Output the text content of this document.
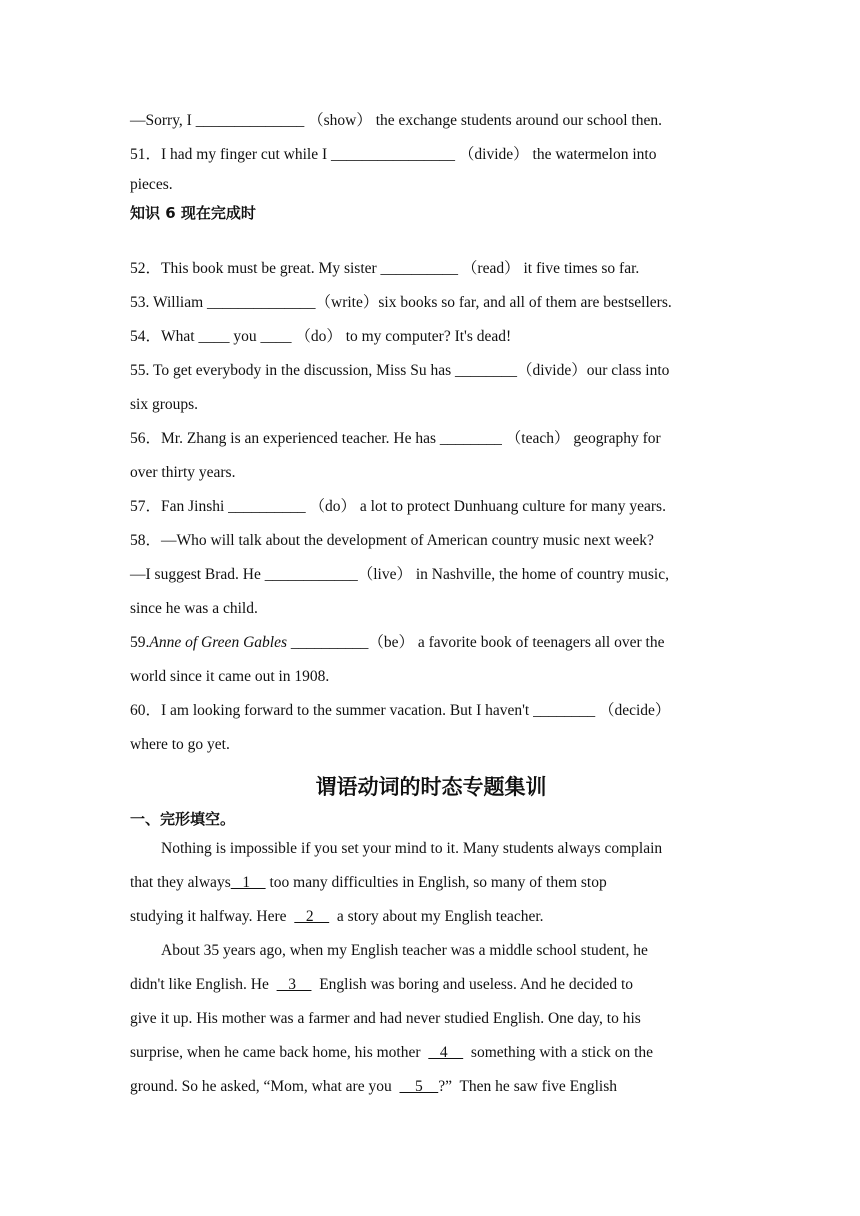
—Sorry, I ______________ （show） the exchange students around our school then.
51．I had my finger cut while I ________________ （divide） the watermelon into
pieces.
知识 6 现在完成时
52．This book must be great. My sister __________ （read） it five times so far.
53. William ______________（write）six books so far, and all of them are bestsellers.
54．What ____ you ____ （do） to my computer? It's dead!
55. To get everybody in the discussion, Miss Su has ________（divide）our class into
six groups.
56．Mr. Zhang is an experienced teacher. He has ________ （teach） geography for
over thirty years.
57．Fan Jinshi __________ （do） a lot to protect Dunhuang culture for many years.
58．—Who will talk about the development of American country music next week?
—I suggest Brad. He ____________（live） in Nashville, the home of country music,
since he was a child.
59.Anne of Green Gables __________（be） a favorite book of teenagers all over the
world since it came out in 1908.
60．I am looking forward to the summer vacation. But I haven't ________ （decide）
where to go yet.
谓语动词的时态专题集训
一、完形填空。
Nothing is impossible if you set your mind to it. Many students always complain
that they always   1     too many difficulties in English, so many of them stop
studying it halfway. Here     2      a story about my English teacher.
About 35 years ago, when my English teacher was a middle school student, he
didn't like English. He     3      English was boring and useless. And he decided to
give it up. His mother was a farmer and had never studied English. One day, to his
surprise, when he came back home, his mother     4      something with a stick on the
ground. So he asked, “Mom, what are you      5    ?”  Then he saw five English
